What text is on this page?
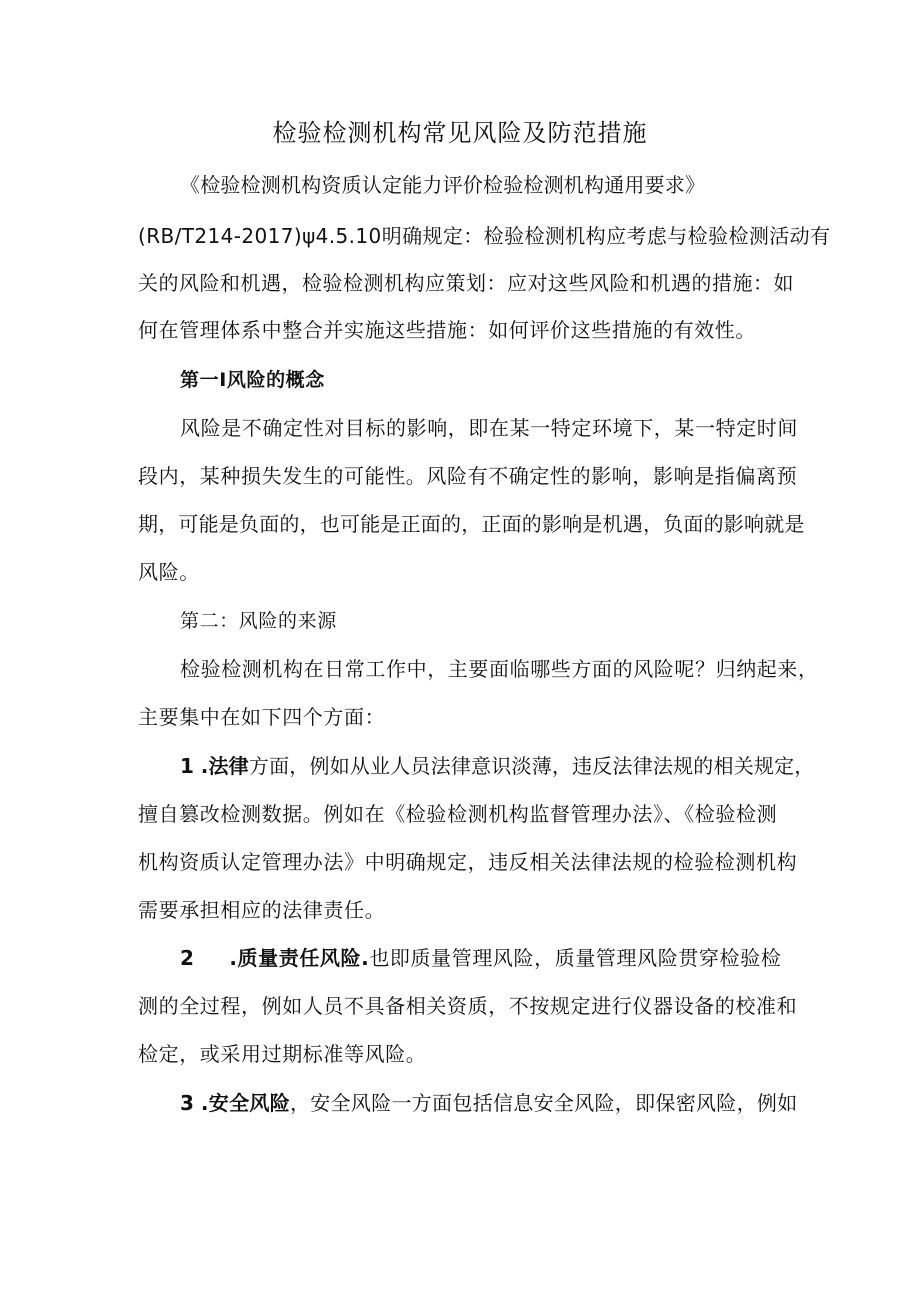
检验检测机构常见风险及防范措施
《检验检测机构资质认定能力评价检验检测机构通用要求》
(RB/T214-2017)ψ4.5.10明确规定：检验检测机构应考虑与检验检测活动有
关的风险和机遇，检验检测机构应策划：应对这些风险和机遇的措施：如
何在管理体系中整合并实施这些措施：如何评价这些措施的有效性。
第一I风险的概念
风险是不确定性对目标的影响，即在某一特定环境下，某一特定时间
段内，某种损失发生的可能性。风险有不确定性的影响，影响是指偏离预
期，可能是负面的，也可能是正面的，正面的影响是机遇，负面的影响就是
风险。
第二：风险的来源
检验检测机构在日常工作中，主要面临哪些方面的风险呢？归纳起来，
主要集中在如下四个方面：
1 .法律方面，例如从业人员法律意识淡薄，违反法律法规的相关规定，
擅自篡改检测数据。例如在《检验检测机构监督管理办法》、《检验检测
机构资质认定管理办法》中明确规定，违反相关法律法规的检验检测机构
需要承担相应的法律责任。
2 .质量责任风险.也即质量管理风险，质量管理风险贯穿检验检
测的全过程，例如人员不具备相关资质，不按规定进行仪器设备的校准和
检定，或采用过期标准等风险。
3 .安全风险，安全风险一方面包括信息安全风险，即保密风险，例如
